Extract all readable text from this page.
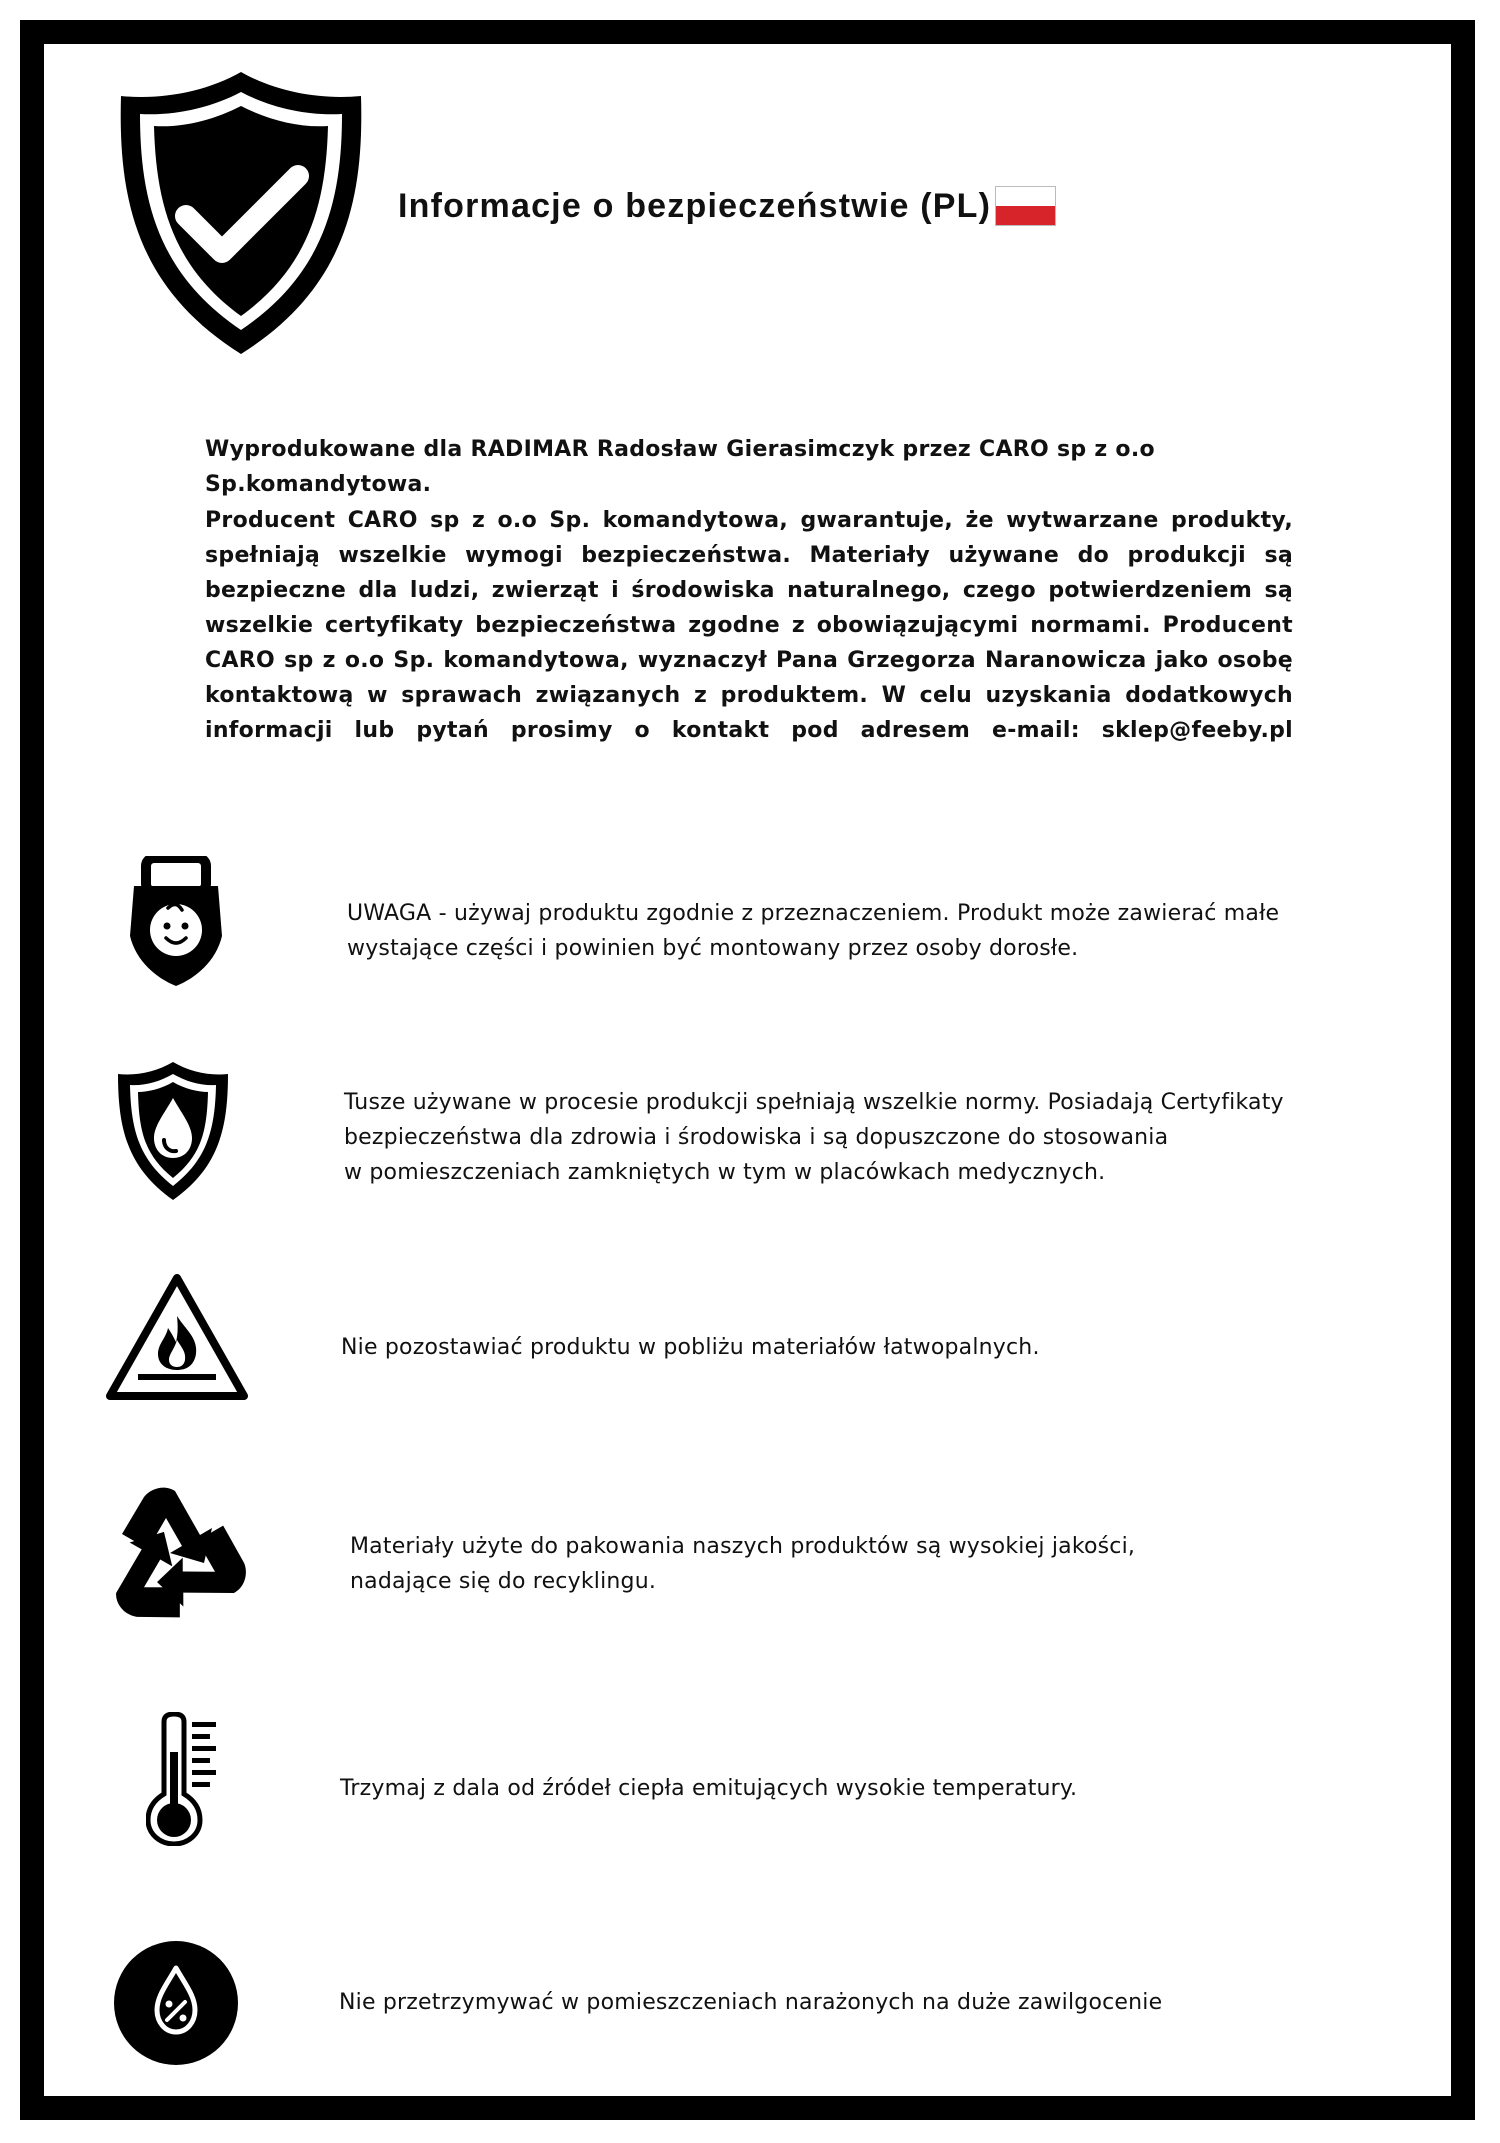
Informacje o bezpieczeństwie (PL)
Wyprodukowane dla RADIMAR Radosław Gierasimczyk przez CARO sp z o.o Sp.komandytowa.
Producent CARO sp z o.o Sp. komandytowa, gwarantuje, że wytwarzane produkty, spełniają wszelkie wymogi bezpieczeństwa. Materiały używane do produkcji są bezpieczne dla ludzi, zwierząt i środowiska naturalnego, czego potwierdzeniem są wszelkie certyfikaty bezpieczeństwa zgodne z obowiązującymi normami. Producent CARO sp z o.o Sp. komandytowa, wyznaczył Pana Grzegorza Naranowicza jako osobę kontaktową w sprawach związanych z produktem. W celu uzyskania dodatkowych informacji lub pytań prosimy o kontakt pod adresem e-mail: sklep@feeby.pl
UWAGA - używaj produktu zgodnie z przeznaczeniem. Produkt może zawierać małe
wystające części i powinien być montowany przez osoby dorosłe.
Tusze używane w procesie produkcji spełniają wszelkie normy. Posiadają Certyfikaty
bezpieczeństwa dla zdrowia i środowiska i są dopuszczone do stosowania
w pomieszczeniach zamkniętych w tym w placówkach medycznych.
Nie pozostawiać produktu w pobliżu materiałów łatwopalnych.
Materiały użyte do pakowania naszych produktów są wysokiej jakości,
nadające się do recyklingu.
Trzymaj z dala od źródeł ciepła emitujących wysokie temperatury.
Nie przetrzymywać w pomieszczeniach narażonych na duże zawilgocenie
